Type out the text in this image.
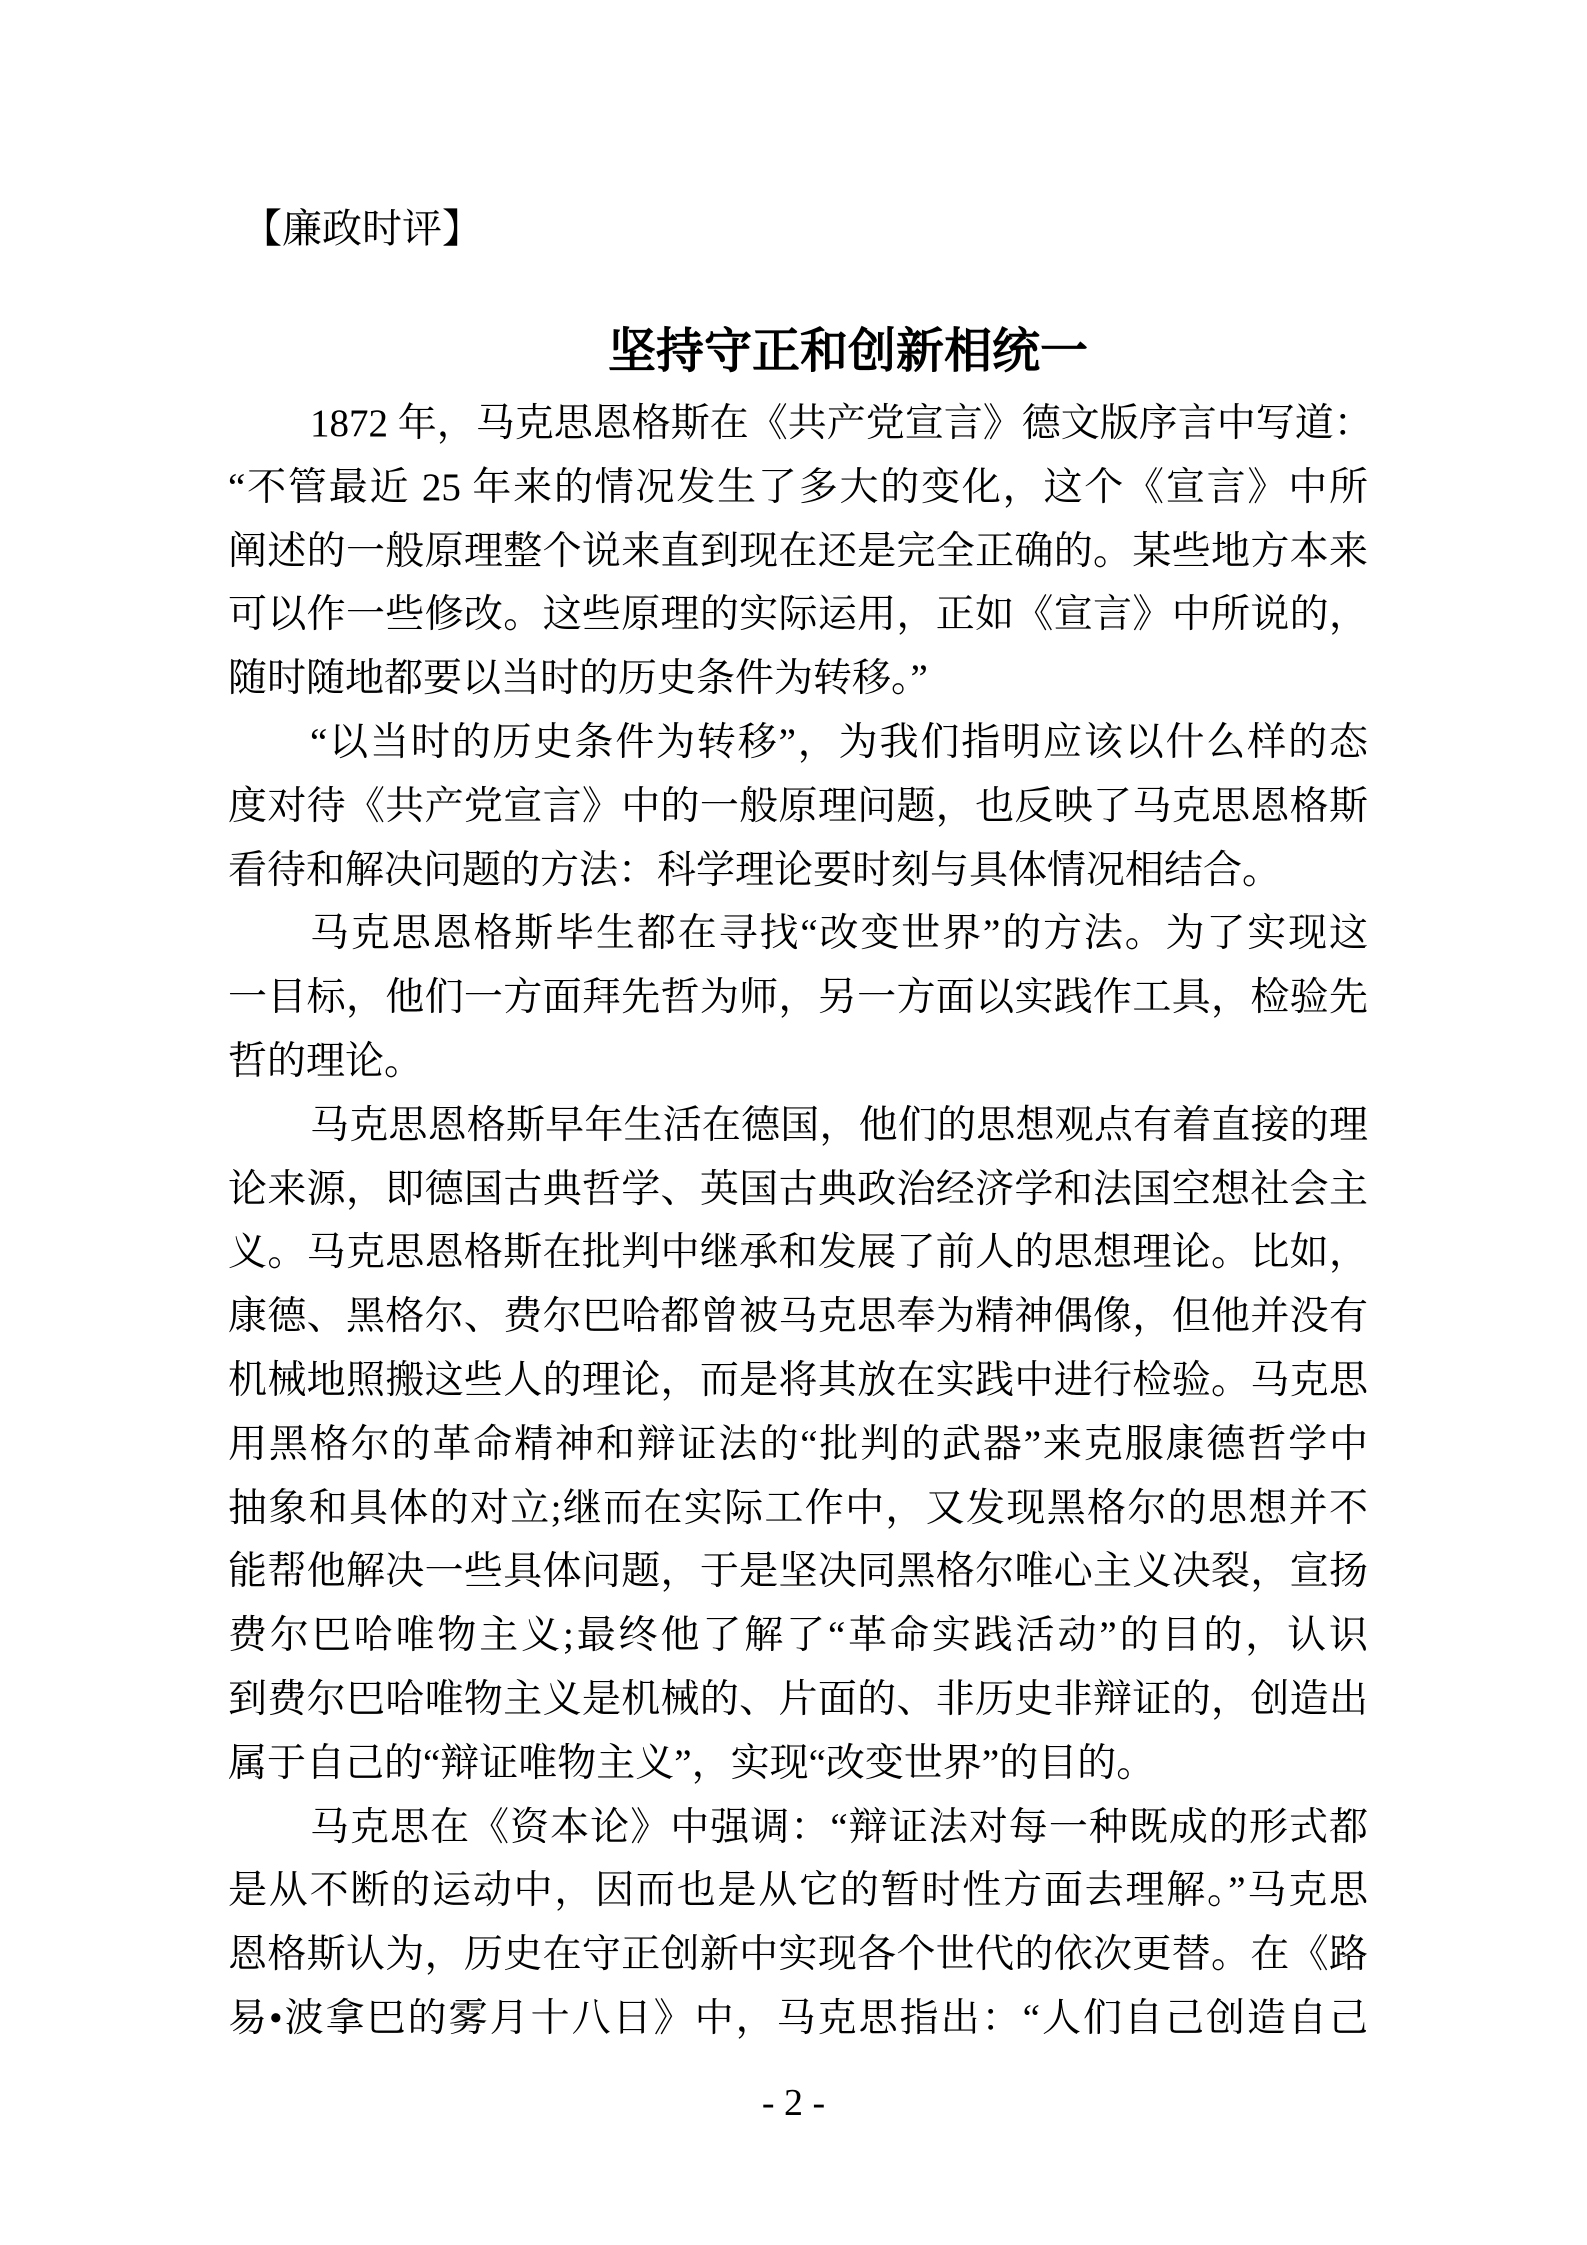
【廉政时评】
坚持守正和创新相统一
1872 年，马克思恩格斯在《共产党宣言》德文版序言中写道：
“不管最近 25 年来的情况发生了多大的变化，这个《宣言》中所
阐述的一般原理整个说来直到现在还是完全正确的。某些地方本来
可以作一些修改。这些原理的实际运用，正如《宣言》中所说的，
随时随地都要以当时的历史条件为转移。”
“以当时的历史条件为转移”，为我们指明应该以什么样的态
度对待《共产党宣言》中的一般原理问题，也反映了马克思恩格斯
看待和解决问题的方法：科学理论要时刻与具体情况相结合。
马克思恩格斯毕生都在寻找“改变世界”的方法。为了实现这
一目标，他们一方面拜先哲为师，另一方面以实践作工具，检验先
哲的理论。
马克思恩格斯早年生活在德国，他们的思想观点有着直接的理
论来源，即德国古典哲学、英国古典政治经济学和法国空想社会主
义。马克思恩格斯在批判中继承和发展了前人的思想理论。比如，
康德、黑格尔、费尔巴哈都曾被马克思奉为精神偶像，但他并没有
机械地照搬这些人的理论，而是将其放在实践中进行检验。马克思
用黑格尔的革命精神和辩证法的“批判的武器”来克服康德哲学中
抽象和具体的对立;继而在实际工作中，又发现黑格尔的思想并不
能帮他解决一些具体问题，于是坚决同黑格尔唯心主义决裂，宣扬
费尔巴哈唯物主义;最终他了解了“革命实践活动”的目的，认识
到费尔巴哈唯物主义是机械的、片面的、非历史非辩证的，创造出
属于自己的“辩证唯物主义”，实现“改变世界”的目的。
马克思在《资本论》中强调：“辩证法对每一种既成的形式都
是从不断的运动中，因而也是从它的暂时性方面去理解。”马克思
恩格斯认为，历史在守正创新中实现各个世代的依次更替。在《路
易•波拿巴的雾月十八日》中，马克思指出：“人们自己创造自己
- 2 -
